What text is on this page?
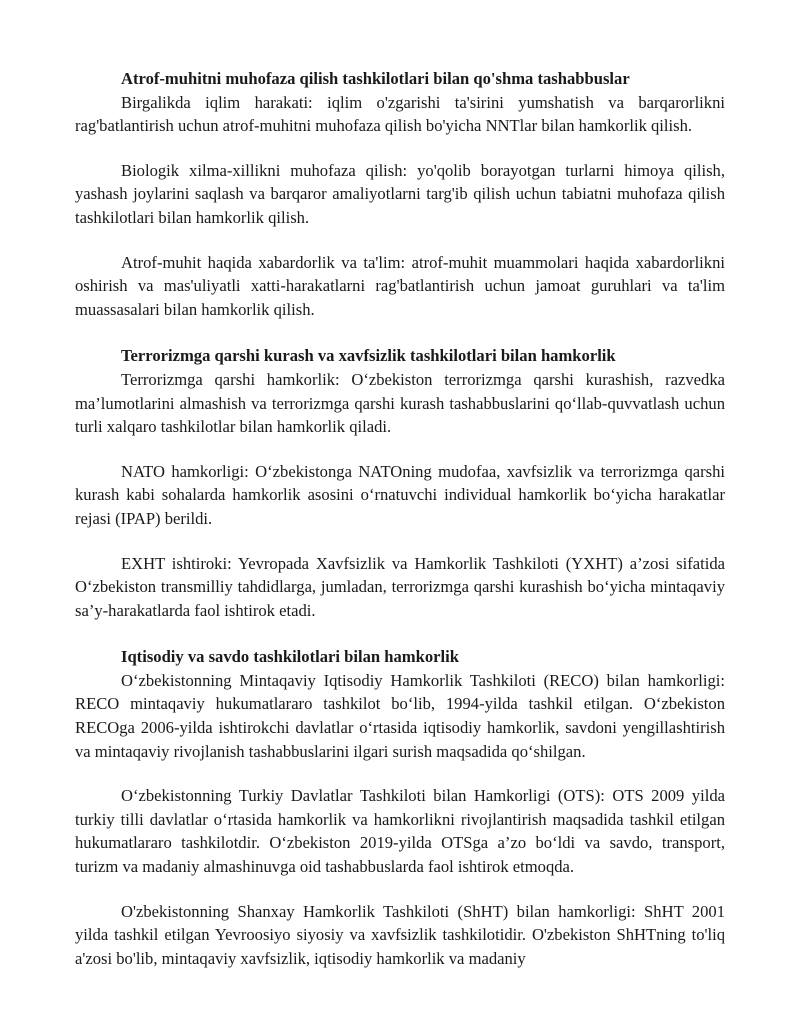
Atrof-muhitni muhofaza qilish tashkilotlari bilan qo'shma tashabbuslar

Birgalikda iqlim harakati: iqlim o'zgarishi ta'sirini yumshatish va barqarorlikni rag'batlantirish uchun atrof-muhitni muhofaza qilish bo'yicha NNTlar bilan hamkorlik qilish.

Biologik xilma-xillikni muhofaza qilish: yo'qolib borayotgan turlarni himoya qilish, yashash joylarini saqlash va barqaror amaliyotlarni targ'ib qilish uchun tabiatni muhofaza qilish tashkilotlari bilan hamkorlik qilish.

Atrof-muhit haqida xabardorlik va ta'lim: atrof-muhit muammolari haqida xabardorlikni oshirish va mas'uliyatli xatti-harakatlarni rag'batlantirish uchun jamoat guruhlari va ta'lim muassasalari bilan hamkorlik qilish.

Terrorizmga qarshi kurash va xavfsizlik tashkilotlari bilan hamkorlik

Terrorizmga qarshi hamkorlik: O‘zbekiston terrorizmga qarshi kurashish, razvedka ma’lumotlarini almashish va terrorizmga qarshi kurash tashabbuslarini qo‘llab-quvvatlash uchun turli xalqaro tashkilotlar bilan hamkorlik qiladi.

NATO hamkorligi: O‘zbekistonga NATOning mudofaa, xavfsizlik va terrorizmga qarshi kurash kabi sohalarda hamkorlik asosini o‘rnatuvchi individual hamkorlik bo‘yicha harakatlar rejasi (IPAP) berildi.

EXHT ishtiroki: Yevropada Xavfsizlik va Hamkorlik Tashkiloti (YXHT) a’zosi sifatida O‘zbekiston transmilliy tahdidlarga, jumladan, terrorizmga qarshi kurashish bo‘yicha mintaqaviy sa’y-harakatlarda faol ishtirok etadi.

Iqtisodiy va savdo tashkilotlari bilan hamkorlik

O‘zbekistonning Mintaqaviy Iqtisodiy Hamkorlik Tashkiloti (RECO) bilan hamkorligi: RECO mintaqaviy hukumatlararo tashkilot bo‘lib, 1994-yilda tashkil etilgan. O‘zbekiston RECOga 2006-yilda ishtirokchi davlatlar o‘rtasida iqtisodiy hamkorlik, savdoni yengillashtirish va mintaqaviy rivojlanish tashabbuslarini ilgari surish maqsadida qo‘shilgan.

O‘zbekistonning Turkiy Davlatlar Tashkiloti bilan Hamkorligi (OTS): OTS 2009 yilda turkiy tilli davlatlar o‘rtasida hamkorlik va hamkorlikni rivojlantirish maqsadida tashkil etilgan hukumatlararo tashkilotdir. O‘zbekiston 2019-yilda OTSga a’zo bo‘ldi va savdo, transport, turizm va madaniy almashinuvga oid tashabbuslarda faol ishtirok etmoqda.

O'zbekistonning Shanxay Hamkorlik Tashkiloti (ShHT) bilan hamkorligi: ShHT 2001 yilda tashkil etilgan Yevroosiyo siyosiy va xavfsizlik tashkilotidir. O'zbekiston ShHTning to'liq a'zosi bo'lib, mintaqaviy xavfsizlik, iqtisodiy hamkorlik va madaniy
